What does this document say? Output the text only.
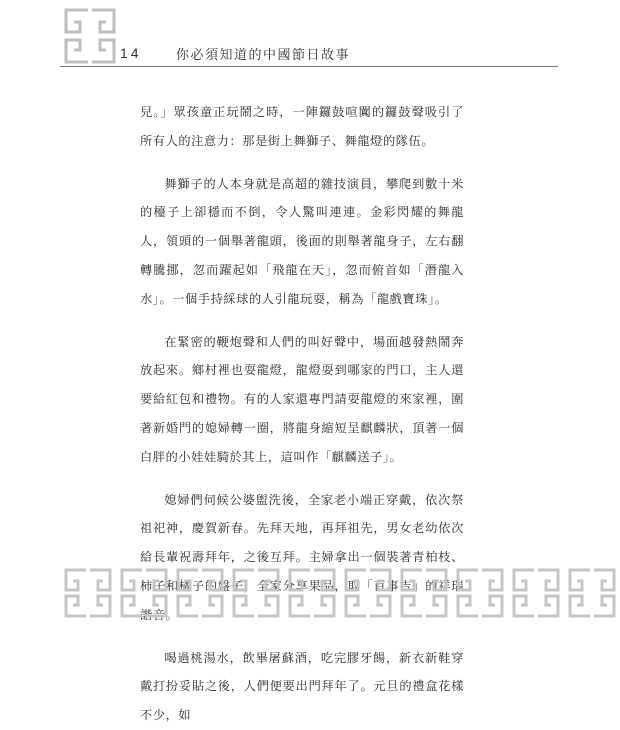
14	你必須知道的中國節日故事

兒。」眾孩童正玩鬧之時，一陣鑼鼓喧闐的鑼鼓聲吸引了所有人的注意力：那是街上舞獅子、舞龍燈的隊伍。

舞獅子的人本身就是高超的雜技演員，攀爬到數十米的檯子上卻穩而不倒，令人驚叫連連。金彩閃耀的舞龍人，領頭的一個舉著龍頭，後面的則舉著龍身子，左右翻轉騰挪，忽而躍起如「飛龍在天」，忽而俯首如「潛龍入水」。一個手持綵球的人引龍玩耍，稱為「龍戲寶珠」。

在緊密的鞭炮聲和人們的叫好聲中，場面越發熱鬧奔放起來。鄉村裡也耍龍燈，龍燈耍到哪家的門口，主人還要給紅包和禮物。有的人家還專門請耍龍燈的來家裡，圍著新婚門的媳婦轉一圈，將龍身縮短呈麒麟狀，頂著一個白胖的小娃娃騎於其上，這叫作「麒麟送子」。

媳婦們伺候公婆盥洗後，全家老小端正穿戴，依次祭祖祀神，慶賀新春。先拜天地，再拜祖先，男女老幼依次給長輩祝壽拜年，之後互拜。主婦拿出一個裝著青柏枝、

喝過桃湯水，飲畢屠蘇酒，吃完膠牙餳，新衣新鞋穿戴打扮妥貼之後，人們便要出門拜年了。元旦的禮盒花樣不少，如
